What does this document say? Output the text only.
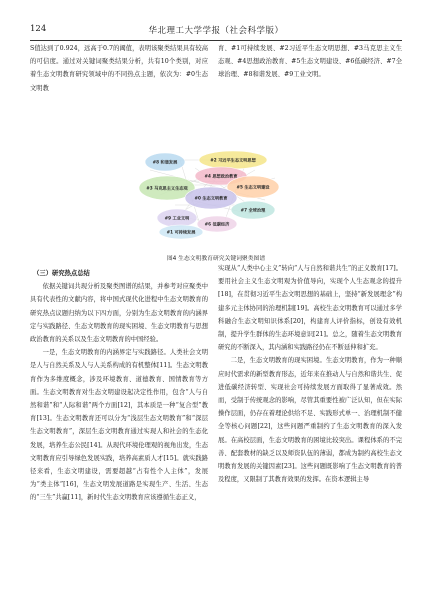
124	华北理工大学学报（社会科学版）

S值达到了0.924，远高于0.7的阈值，表明该聚类结果具有较高的可信度。通过对关键词聚类结果分析，共有10个类别，对应着生态文明教育研究领域中的不同热点主题，依次为：#0生态文明教

育、#1可持续发展、#2习近平生态文明思想、#3马克思主义生态观、#4思想政治教育、#5生态文明建设、#6低碳经济、#7全球治理、#8和谐发展、#9工业文明。

#8 和谐发展	#2 习近平生态文明思想
#4 思想政治教育
#3 马克思主义生态观	#5 生态文明建设
#0 生态文明教育
#7 全球治理
#9 工业文明
#6 低碳经济
#1 可持续发展
图4 生态文明教育研究关键词聚类图谱

（三）研究热点总结

依据关键词共现分析及聚类图谱的结果，并参考对应聚类中具有代表性的文献内容，将中国式现代化进程中生态文明教育的研究热点议题归纳为以下四方面，分别为生态文明教育的内涵界定与实践路径、生态文明教育的现实困境、生态文明教育与思想政治教育的关系以及生态文明教育的中国经验。

一是，生态文明教育的内涵界定与实践路径。人类社会文明是人与自然关系及人与人关系构成的有机整体[11]。生态文明教育作为多维度概念，涉及环境教育、道德教育、国情教育等方面。生态文明教育对生态文明建设起决定性作用，包含“人与自然和谐”和“人际和谐”两个方面[12]，其本质是一种“复合型”教育[13]。生态文明教育还可以分为“浅层生态文明教育”和“深层生态文明教育”，深层生态文明教育通过实现人和社会的生态化发展，培养生态公民[14]。从现代环境伦理观的视角出发，生态文明教育应引导绿色发展实践，培养高素质人才[15]。就实践路径来看，生态文明建设，需要超越“占有性个人主体”，发展为“类主体”[16]，生态文明发展道路是实现生产、生活、生态的“三生”共赢[11]，新时代生态文明教育应该遵循生态正义，

实现从“人类中心主义”转向“人与自然和谐共生”的正义教育[17]。要用社会主义生态文明观为价值导向，实现个人生态观念的提升[18]，在贯彻习近平生态文明思想的基础上，坚持“新发展理念”构建多元主体协同的治理机制[19]。高校生态文明教育可以通过多学科融合生态文明知识体系[20]，构建育人评价指标，创设有效机制，提升学生群体的生态环境意识[21]。总之，随着生态文明教育研究的不断深入，其内涵和实践路径仍在不断延伸和扩充。

二是，生态文明教育的现实困境。生态文明教育，作为一种顺应时代需求的新型教育形态，近年来在推动人与自然和谐共生、促进低碳经济转型、实现社会可持续发展方面取得了显著成效。然而，受制于传统观念的影响，尽管其重要性被广泛认知，但在实际操作层面，仍存在着理论供给不足、实践形式单一、治理机制不健全等核心问题[22]，这些问题严重制约了生态文明教育的深入发展。在高校层面，生态文明教育的困境比较突出。课程体系的不完善、配套教材的缺乏以及师资队伍的薄弱，都成为制约高校生态文明教育发展的关键因素[23]。这些问题既影响了生态文明教育的普及程度，又限制了其教育效果的发挥。在资本逻辑主导
